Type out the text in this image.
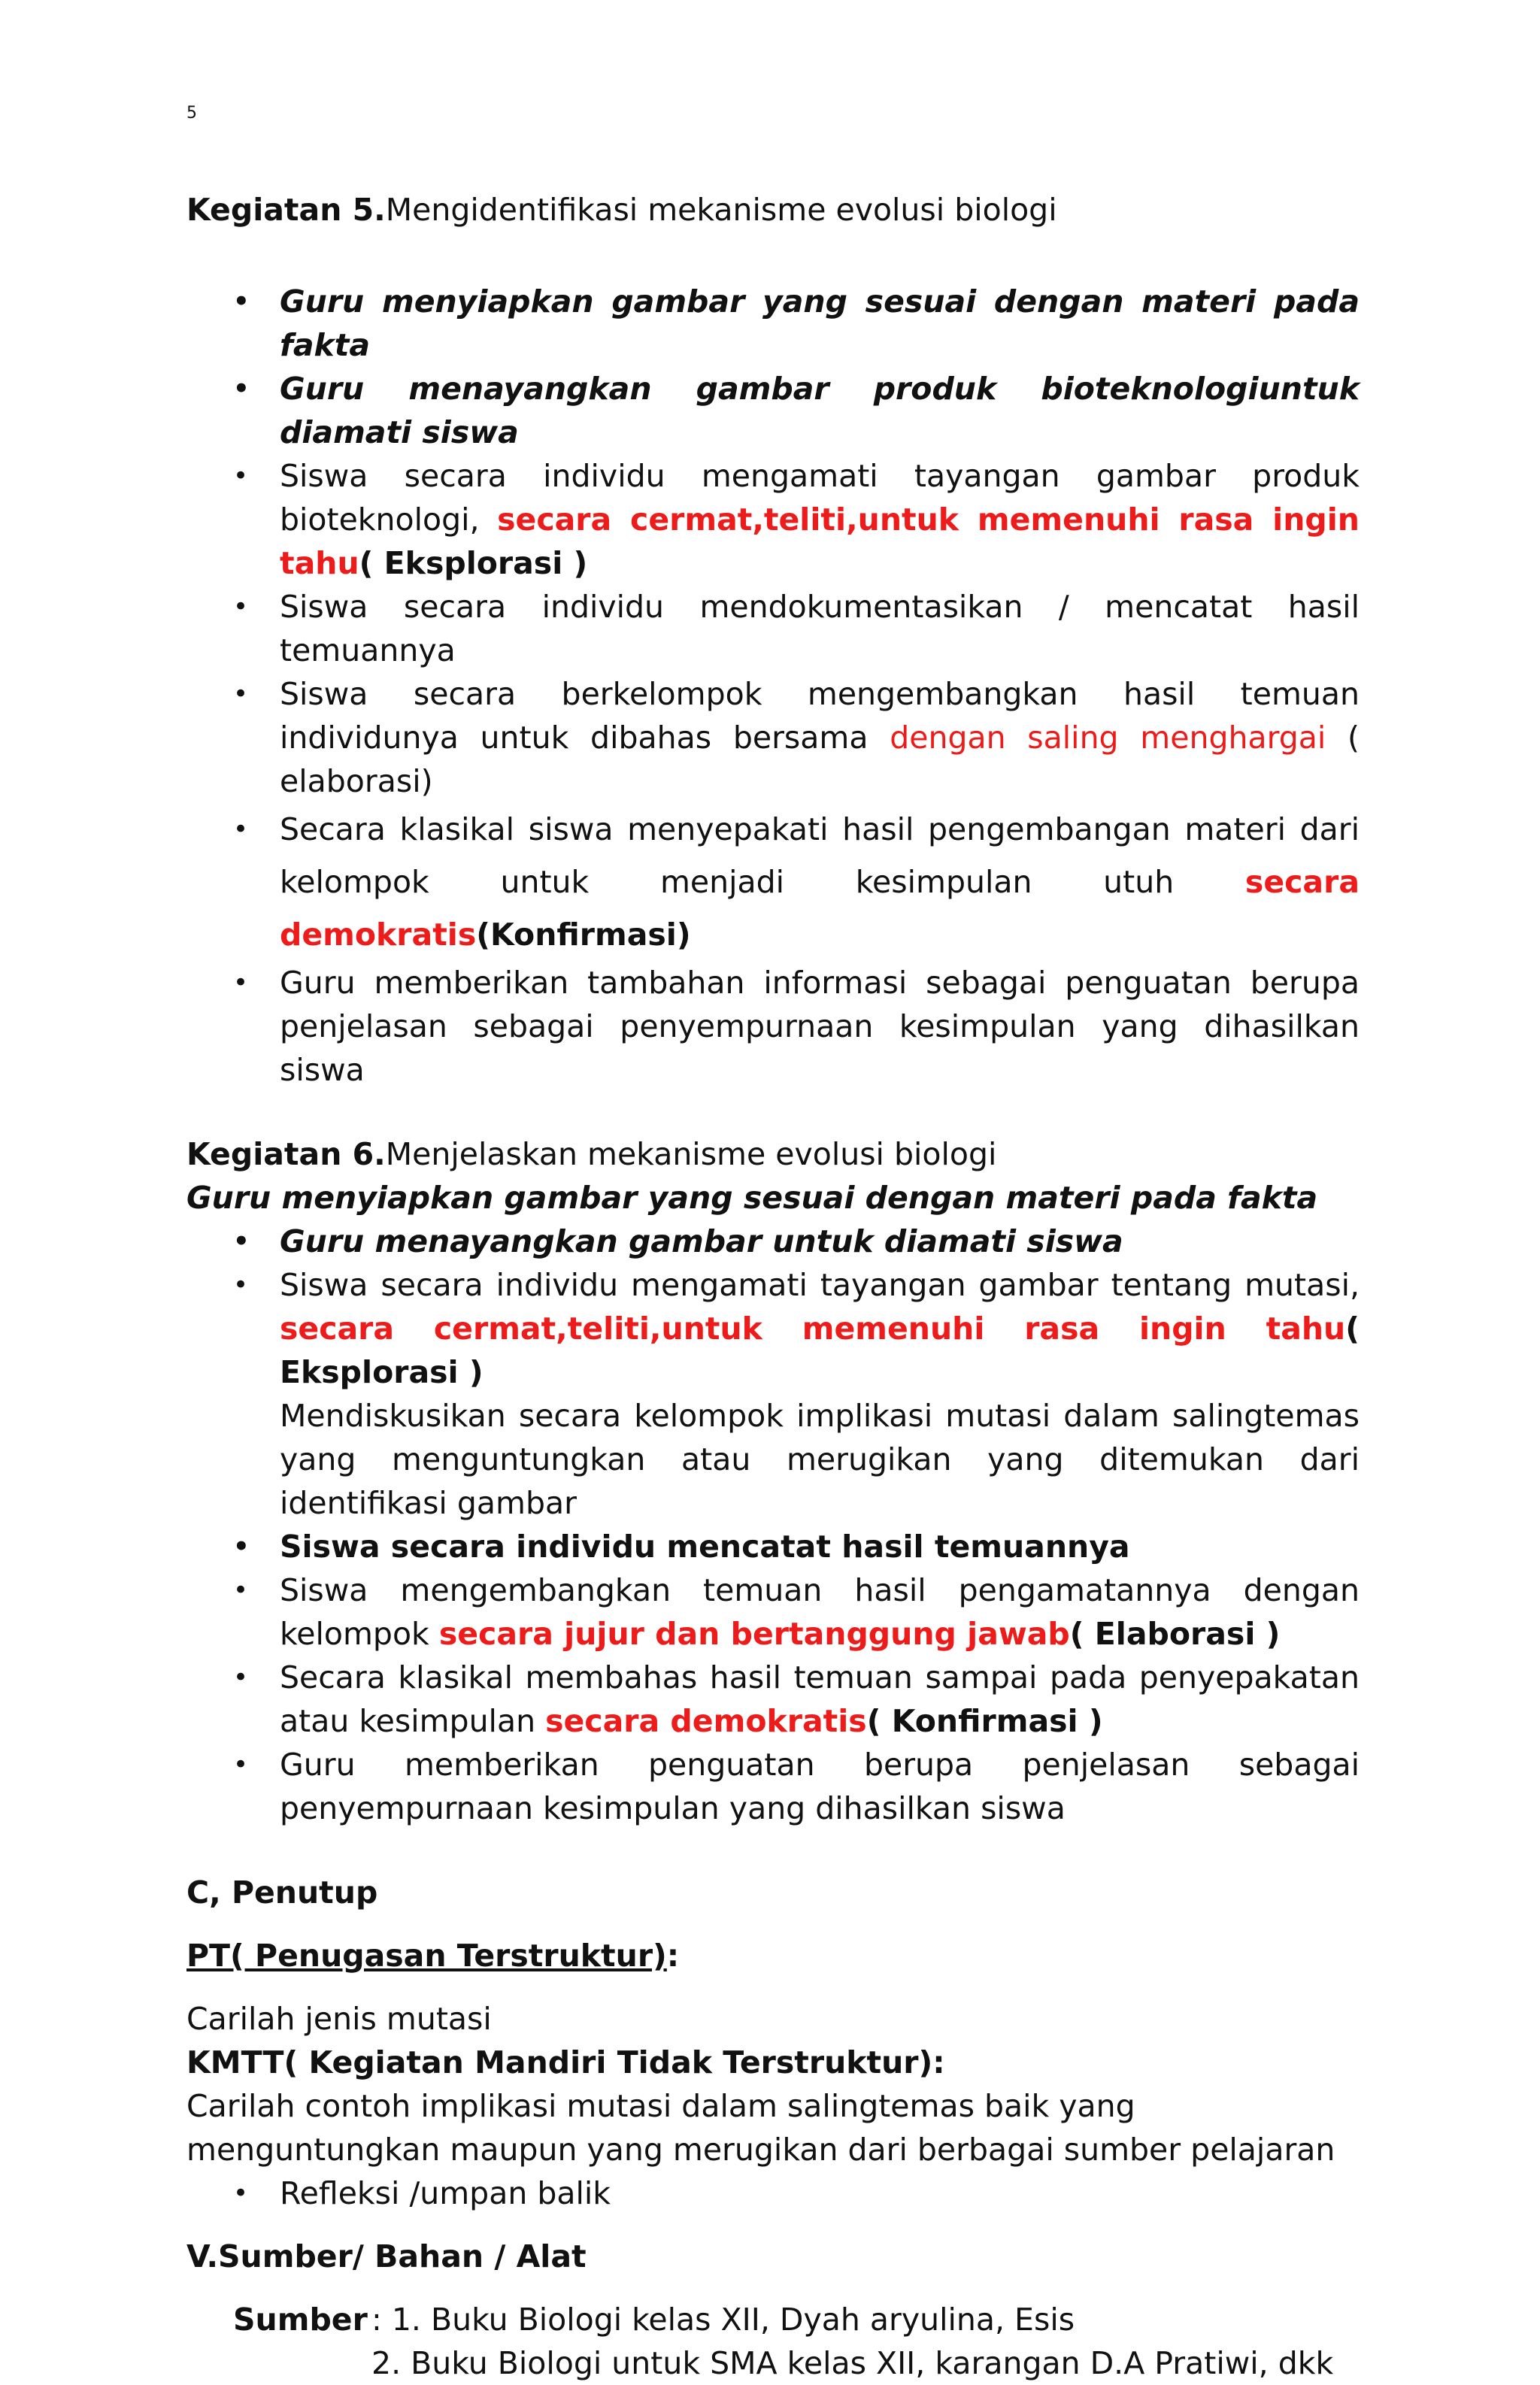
5
Kegiatan 5.Mengidentifikasi mekanisme evolusi biologi
• Guru menyiapkan gambar yang sesuai dengan materi pada fakta
• Guru menayangkan gambar produk bioteknologiuntuk diamati siswa
• Siswa secara individu mengamati tayangan gambar produk bioteknologi, secara cermat,teliti,untuk memenuhi rasa ingin tahu( Eksplorasi )
• Siswa secara individu mendokumentasikan / mencatat hasil temuannya
• Siswa secara berkelompok mengembangkan hasil temuan individunya untuk dibahas bersama dengan saling menghargai ( elaborasi)
• Secara klasikal siswa menyepakati hasil pengembangan materi dari kelompok untuk menjadi kesimpulan utuh secara demokratis(Konfirmasi)
• Guru memberikan tambahan informasi sebagai penguatan berupa penjelasan sebagai penyempurnaan kesimpulan yang dihasilkan siswa
Kegiatan 6.Menjelaskan mekanisme evolusi biologi
Guru menyiapkan gambar yang sesuai dengan materi pada fakta
• Guru menayangkan gambar untuk diamati siswa
• Siswa secara individu mengamati tayangan gambar tentang mutasi, secara cermat,teliti,untuk memenuhi rasa ingin tahu( Eksplorasi )
Mendiskusikan secara kelompok implikasi mutasi dalam salingtemas yang menguntungkan atau merugikan yang ditemukan dari identifikasi gambar
• Siswa secara individu mencatat hasil temuannya
• Siswa mengembangkan temuan hasil pengamatannya dengan kelompok secara jujur dan bertanggung jawab( Elaborasi )
• Secara klasikal membahas hasil temuan sampai pada penyepakatan atau kesimpulan secara demokratis( Konfirmasi )
• Guru memberikan penguatan berupa penjelasan sebagai penyempurnaan kesimpulan yang dihasilkan siswa
C, Penutup
PT( Penugasan Terstruktur):
Carilah jenis mutasi
KMTT( Kegiatan Mandiri Tidak Terstruktur):
Carilah contoh implikasi mutasi dalam salingtemas baik yang menguntungkan maupun yang merugikan dari berbagai sumber pelajaran
• Refleksi /umpan balik
V.Sumber/ Bahan / Alat
Sumber : 1. Buku Biologi kelas XII, Dyah aryulina, Esis
2. Buku Biologi untuk SMA kelas XII, karangan D.A Pratiwi, dkk
